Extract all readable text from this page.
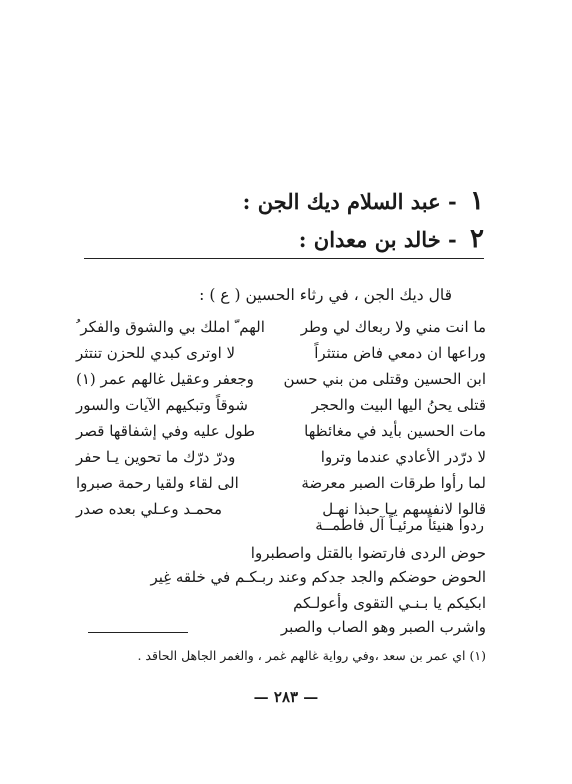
١ - عبد السلام ديك الجن :
٢ - خالد بن معدان :
قال ديك الجن ، في رثاء الحسين ( ع ) :
ما انت مني ولا ربعاك لي وطر
الهم ّ املك بي والشوق والفكر ُ
وراعها ان دمعي فاض منتثراً
لا اوترى كبدي للحزن تنتثر
ابن الحسين وقتلى من بني حسن
وجعفر وعقيل غالهم عمر (١)
قتلى يحنُ اليها البيت والحجر
شوقاً وتبكيهم الآيات والسور
مات الحسين بأيد في مغائظها
طول عليه وفي إشفاقها قصر
لا درّدر الأعادي عندما وتروا
ودرّ درّك ما تحوين يـا حفر
لما رأوا طرقات الصبر معرضة
الى لقاء ولقيا رحمة صبروا
قالوا لانفسهم يـا حبذا نهـل
محمـد وعـلي بعده صدر
ردوا هنيئاً مرئيـاً آل فاطمــة
حوض الردى فارتضوا بالقتل واصطبروا
الحوض حوضكم والجد جدكم وعند ربـكـم في خلقه غِير
ابكيكم يا بـنـي التقوى وأعولـكم
واشرب الصبر وهو الصاب والصبر
(١) اي عمر بن سعد ،وفي رواية غالهم غمر ، والغمر الجاهل الحاقد .
— ٢٨٣ —
